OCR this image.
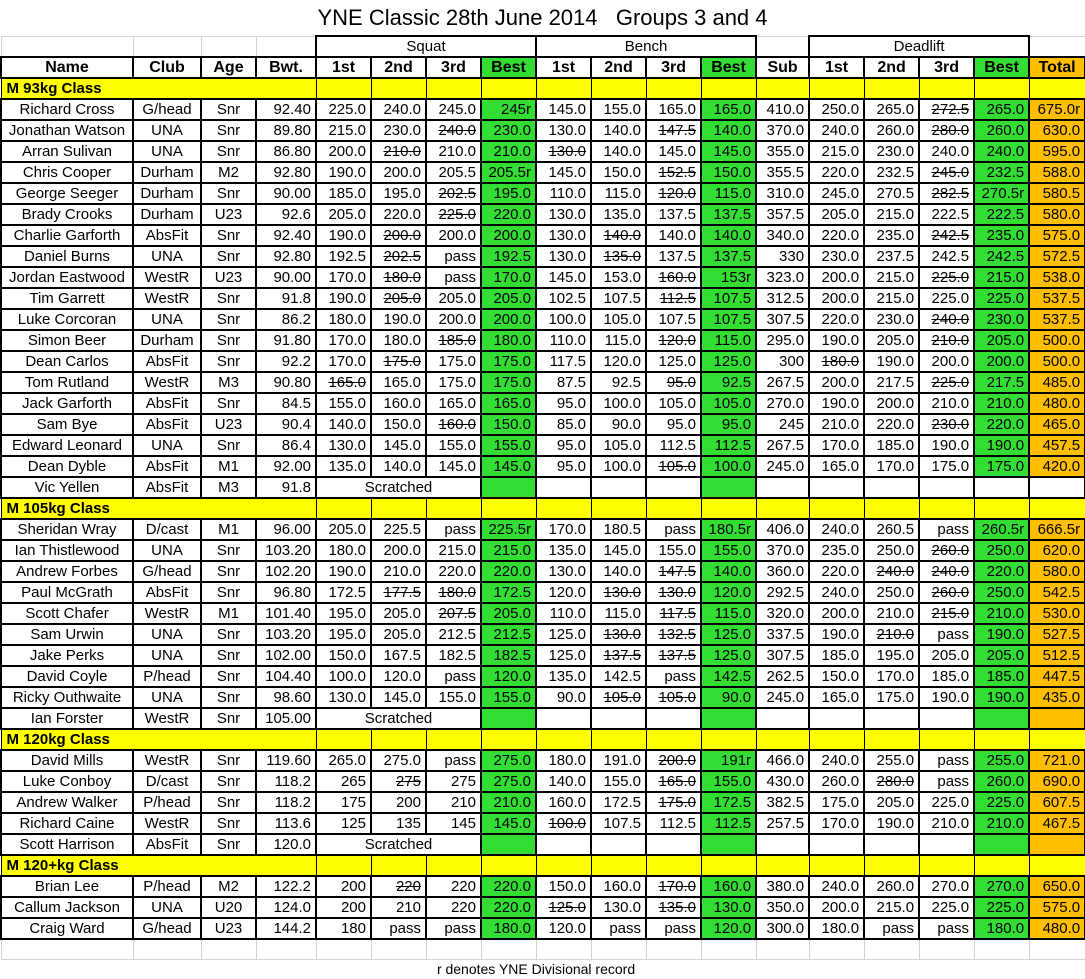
YNE Classic 28th June 2014   Groups 3 and 4
				Squat				Bench					Deadlift				
Name	Club	Age	Bwt.	1st	2nd	3rd	Best	1st	2nd	3rd	Best	Sub	1st	2nd	3rd	Best	Total
M 93kg Class																	
Richard Cross	G/head	Snr	92.40	225.0	240.0	245.0	245r	145.0	155.0	165.0	165.0	410.0	250.0	265.0	272.5	265.0	675.0r
Jonathan Watson	UNA	Snr	89.80	215.0	230.0	240.0	230.0	130.0	140.0	147.5	140.0	370.0	240.0	260.0	280.0	260.0	630.0
Arran Sulivan	UNA	Snr	86.80	200.0	210.0	210.0	210.0	130.0	140.0	145.0	145.0	355.0	215.0	230.0	240.0	240.0	595.0
Chris Cooper	Durham	M2	92.80	190.0	200.0	205.5	205.5r	145.0	150.0	152.5	150.0	355.5	220.0	232.5	245.0	232.5	588.0
George Seeger	Durham	Snr	90.00	185.0	195.0	202.5	195.0	110.0	115.0	120.0	115.0	310.0	245.0	270.5	282.5	270.5r	580.5
Brady Crooks	Durham	U23	92.6	205.0	220.0	225.0	220.0	130.0	135.0	137.5	137.5	357.5	205.0	215.0	222.5	222.5	580.0
Charlie Garforth	AbsFit	Snr	92.40	190.0	200.0	200.0	200.0	130.0	140.0	140.0	140.0	340.0	220.0	235.0	242.5	235.0	575.0
Daniel Burns	UNA	Snr	92.80	192.5	202.5	pass	192.5	130.0	135.0	137.5	137.5	330	230.0	237.5	242.5	242.5	572.5
Jordan Eastwood	WestR	U23	90.00	170.0	180.0	pass	170.0	145.0	153.0	160.0	153r	323.0	200.0	215.0	225.0	215.0	538.0
Tim Garrett	WestR	Snr	91.8	190.0	205.0	205.0	205.0	102.5	107.5	112.5	107.5	312.5	200.0	215.0	225.0	225.0	537.5
Luke Corcoran	UNA	Snr	86.2	180.0	190.0	200.0	200.0	100.0	105.0	107.5	107.5	307.5	220.0	230.0	240.0	230.0	537.5
Simon Beer	Durham	Snr	91.80	170.0	180.0	185.0	180.0	110.0	115.0	120.0	115.0	295.0	190.0	205.0	210.0	205.0	500.0
Dean Carlos	AbsFit	Snr	92.2	170.0	175.0	175.0	175.0	117.5	120.0	125.0	125.0	300	180.0	190.0	200.0	200.0	500.0
Tom Rutland	WestR	M3	90.80	165.0	165.0	175.0	175.0	87.5	92.5	95.0	92.5	267.5	200.0	217.5	225.0	217.5	485.0
Jack Garforth	AbsFit	Snr	84.5	155.0	160.0	165.0	165.0	95.0	100.0	105.0	105.0	270.0	190.0	200.0	210.0	210.0	480.0
Sam Bye	AbsFit	U23	90.4	140.0	150.0	160.0	150.0	85.0	90.0	95.0	95.0	245	210.0	220.0	230.0	220.0	465.0
Edward Leonard	UNA	Snr	86.4	130.0	145.0	155.0	155.0	95.0	105.0	112.5	112.5	267.5	170.0	185.0	190.0	190.0	457.5
Dean Dyble	AbsFit	M1	92.00	135.0	140.0	145.0	145.0	95.0	100.0	105.0	100.0	245.0	165.0	170.0	175.0	175.0	420.0
Vic Yellen	AbsFit	M3	91.8	Scratched													
M 105kg Class																	
Sheridan Wray	D/cast	M1	96.00	205.0	225.5	pass	225.5r	170.0	180.5	pass	180.5r	406.0	240.0	260.5	pass	260.5r	666.5r
Ian Thistlewood	UNA	Snr	103.20	180.0	200.0	215.0	215.0	135.0	145.0	155.0	155.0	370.0	235.0	250.0	260.0	250.0	620.0
Andrew Forbes	G/head	Snr	102.20	190.0	210.0	220.0	220.0	130.0	140.0	147.5	140.0	360.0	220.0	240.0	240.0	220.0	580.0
Paul McGrath	AbsFit	Snr	96.80	172.5	177.5	180.0	172.5	120.0	130.0	130.0	120.0	292.5	240.0	250.0	260.0	250.0	542.5
Scott Chafer	WestR	M1	101.40	195.0	205.0	207.5	205.0	110.0	115.0	117.5	115.0	320.0	200.0	210.0	215.0	210.0	530.0
Sam Urwin	UNA	Snr	103.20	195.0	205.0	212.5	212.5	125.0	130.0	132.5	125.0	337.5	190.0	210.0	pass	190.0	527.5
Jake Perks	UNA	Snr	102.00	150.0	167.5	182.5	182.5	125.0	137.5	137.5	125.0	307.5	185.0	195.0	205.0	205.0	512.5
David Coyle	P/head	Snr	104.40	100.0	120.0	pass	120.0	135.0	142.5	pass	142.5	262.5	150.0	170.0	185.0	185.0	447.5
Ricky Outhwaite	UNA	Snr	98.60	130.0	145.0	155.0	155.0	90.0	105.0	105.0	90.0	245.0	165.0	175.0	190.0	190.0	435.0
Ian Forster	WestR	Snr	105.00	Scratched													
M 120kg Class																	
David Mills	WestR	Snr	119.60	265.0	275.0	pass	275.0	180.0	191.0	200.0	191r	466.0	240.0	255.0	pass	255.0	721.0
Luke Conboy	D/cast	Snr	118.2	265	275	275	275.0	140.0	155.0	165.0	155.0	430.0	260.0	280.0	pass	260.0	690.0
Andrew Walker	P/head	Snr	118.2	175	200	210	210.0	160.0	172.5	175.0	172.5	382.5	175.0	205.0	225.0	225.0	607.5
Richard Caine	WestR	Snr	113.6	125	135	145	145.0	100.0	107.5	112.5	112.5	257.5	170.0	190.0	210.0	210.0	467.5
Scott Harrison	AbsFit	Snr	120.0	Scratched													
M 120+kg Class																	
Brian Lee	P/head	M2	122.2	200	220	220	220.0	150.0	160.0	170.0	160.0	380.0	240.0	260.0	270.0	270.0	650.0
Callum Jackson	UNA	U20	124.0	200	210	220	220.0	125.0	130.0	135.0	130.0	350.0	200.0	215.0	225.0	225.0	575.0
Craig Ward	G/head	U23	144.2	180	pass	pass	180.0	120.0	pass	pass	120.0	300.0	180.0	pass	pass	180.0	480.0

				r denotes YNE Divisional record													
